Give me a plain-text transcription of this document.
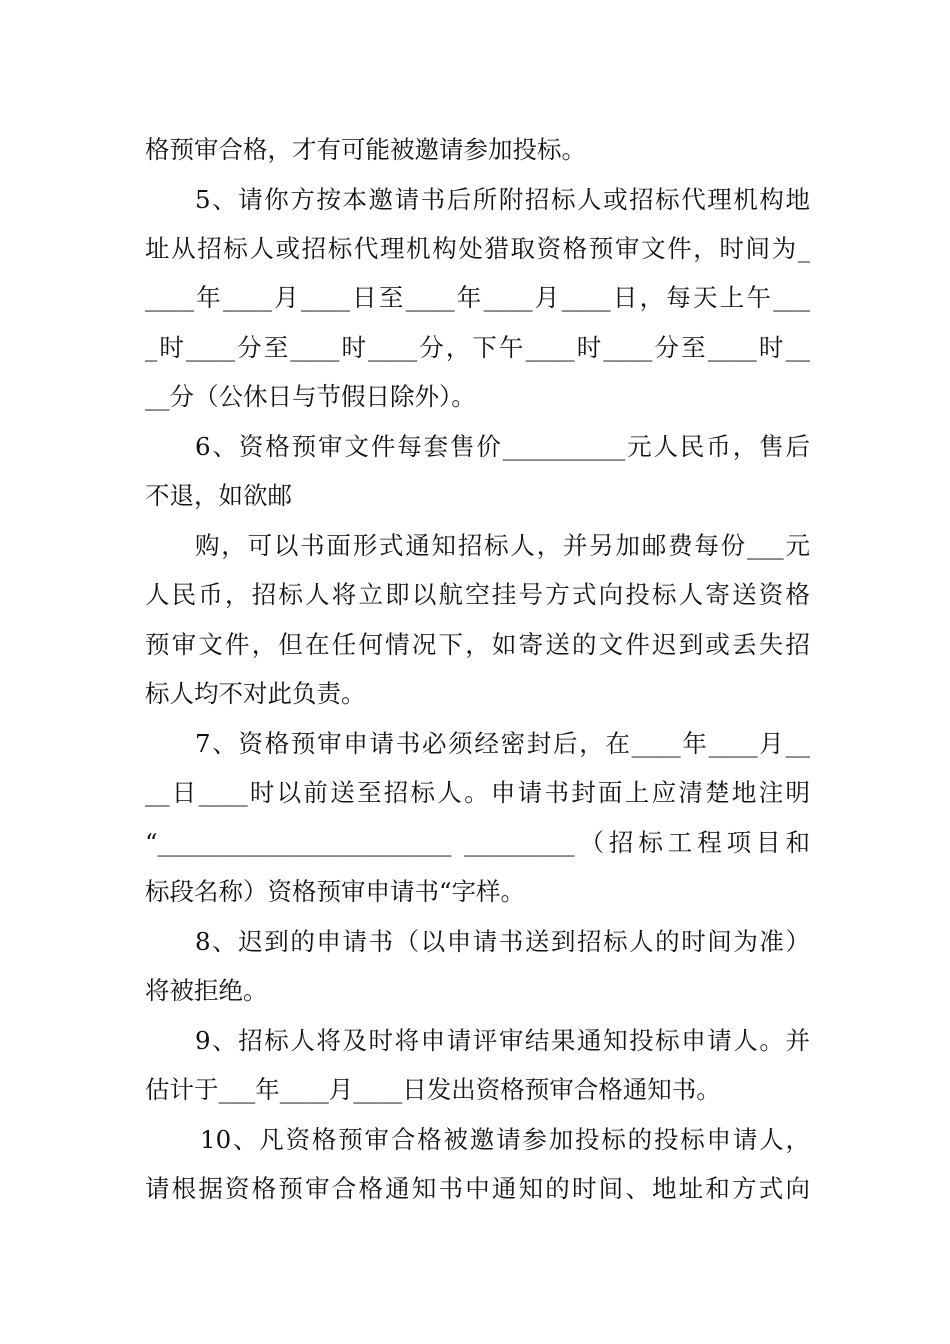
格预审合格，才有可能被邀请参加投标。

5、请你方按本邀请书后所附招标人或招标代理机构地

址从招标人或招标代理机构处猎取资格预审文件，时间为_

____年____月____日至____年____月____日，每天上午___

_时____分至____时____分，下午____时____分至____时__

__分（公休日与节假日除外）。

6、资格预审文件每套售价__________元人民币，售后

不退，如欲邮

购，可以书面形式通知招标人，并另加邮费每份___元

人民币，招标人将立即以航空挂号方式向投标人寄送资格

预审文件，但在任何情况下，如寄送的文件迟到或丢失招

标人均不对此负责。

7、资格预审申请书必须经密封后，在____年____月__

__日____时以前送至招标人。申请书封面上应清楚地注明

“________________________ _________（招标工程项目和

标段名称）资格预审申请书“字样。

8、迟到的申请书（以申请书送到招标人的时间为准）

将被拒绝。

9、招标人将及时将申请评审结果通知投标申请人。并

估计于___年____月____日发出资格预审合格通知书。

10、凡资格预审合格被邀请参加投标的投标申请人，

请根据资格预审合格通知书中通知的时间、地址和方式向
